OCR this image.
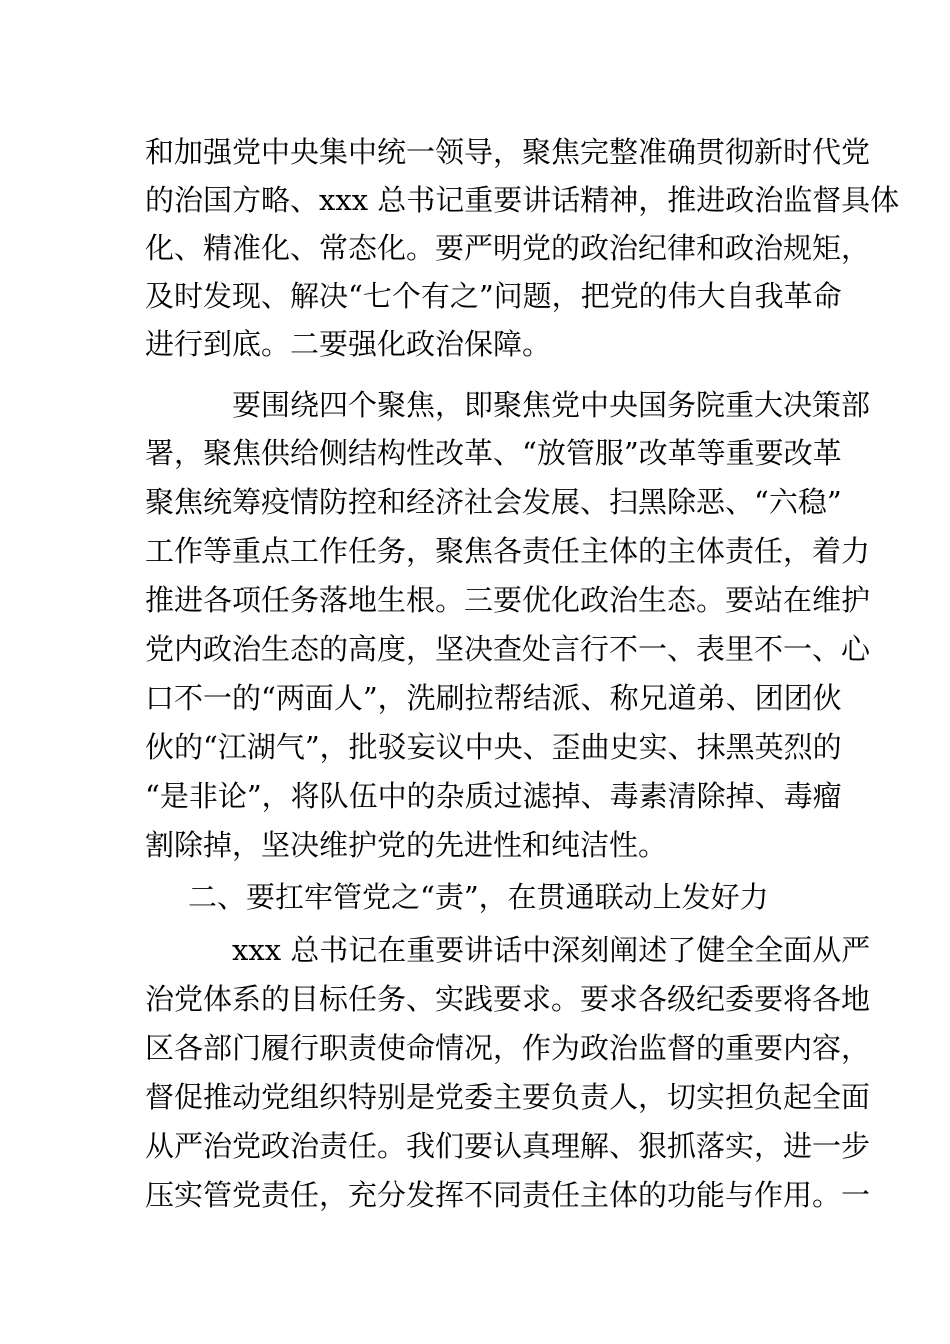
和加强党中央集中统一领导，聚焦完整准确贯彻新时代党
的治国方略、xxx 总书记重要讲话精神，推进政治监督具体
化、精准化、常态化。要严明党的政治纪律和政治规矩，
及时发现、解决“七个有之”问题，把党的伟大自我革命
进行到底。二要强化政治保障。
要围绕四个聚焦，即聚焦党中央国务院重大决策部
署，聚焦供给侧结构性改革、“放管服”改革等重要改革
聚焦统筹疫情防控和经济社会发展、扫黑除恶、“六稳”
工作等重点工作任务，聚焦各责任主体的主体责任，着力
推进各项任务落地生根。三要优化政治生态。要站在维护
党内政治生态的高度，坚决查处言行不一、表里不一、心
口不一的“两面人”，洗刷拉帮结派、称兄道弟、团团伙
伙的“江湖气”，批驳妄议中央、歪曲史实、抹黑英烈的
“是非论”，将队伍中的杂质过滤掉、毒素清除掉、毒瘤
割除掉，坚决维护党的先进性和纯洁性。
二、要扛牢管党之“责”，在贯通联动上发好力
xxx 总书记在重要讲话中深刻阐述了健全全面从严
治党体系的目标任务、实践要求。要求各级纪委要将各地
区各部门履行职责使命情况，作为政治监督的重要内容，
督促推动党组织特别是党委主要负责人，切实担负起全面
从严治党政治责任。我们要认真理解、狠抓落实，进一步
压实管党责任，充分发挥不同责任主体的功能与作用。一
